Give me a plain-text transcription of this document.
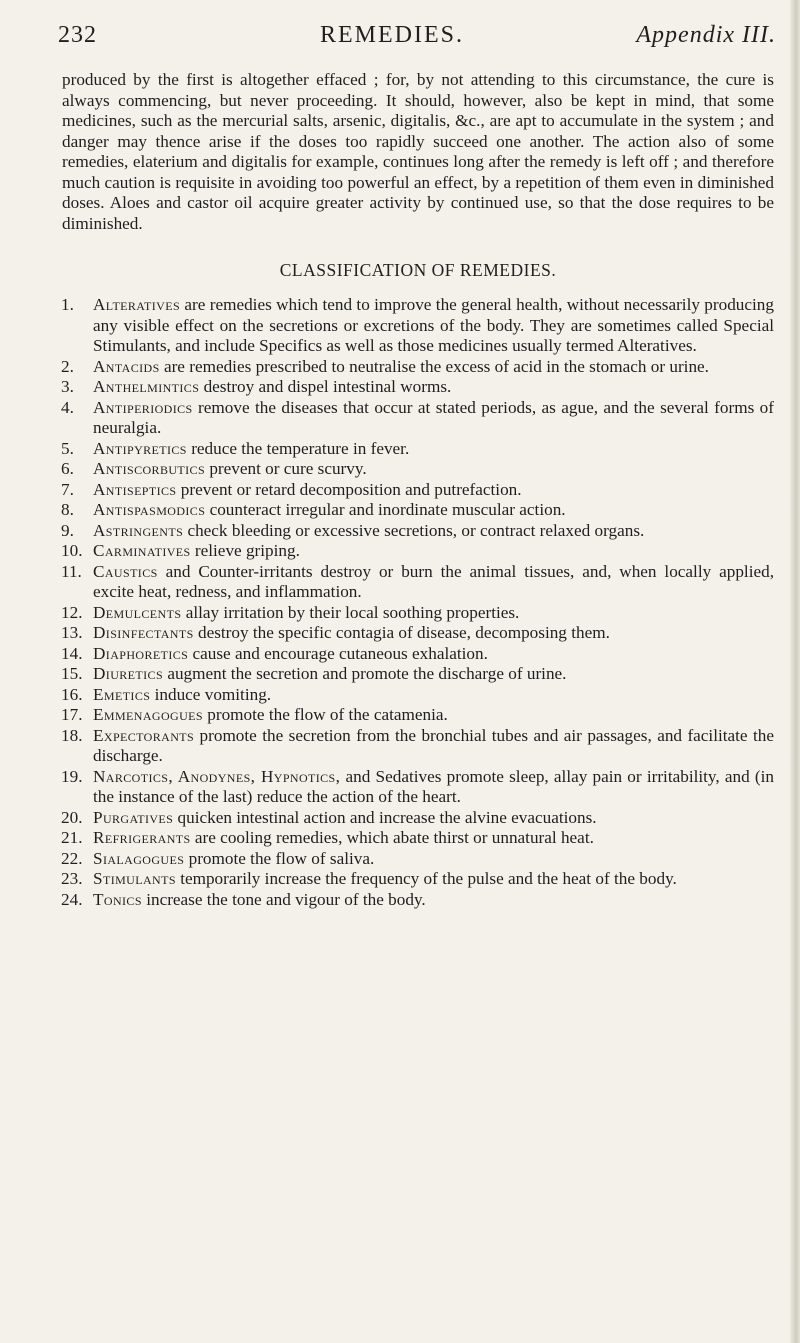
232	REMEDIES.	Appendix III.

produced by the first is altogether effaced ; for, by not attending to this circumstance, the cure is always commencing, but never proceeding. It should, however, also be kept in mind, that some medicines, such as the mercurial salts, arsenic, digitalis, &c., are apt to accumulate in the system ; and danger may thence arise if the doses too rapidly succeed one another. The action also of some remedies, elaterium and digitalis for example, continues long after the remedy is left off ; and therefore much caution is requisite in avoiding too powerful an effect, by a repetition of them even in diminished doses. Aloes and castor oil acquire greater activity by continued use, so that the dose requires to be diminished.

CLASSIFICATION OF REMEDIES.
1. Alteratives are remedies which tend to improve the general health, without necessarily producing any visible effect on the secretions or excretions of the body. They are sometimes called Special Stimulants, and include Specifics as well as those medicines usually termed Alteratives.
2. Antacids are remedies prescribed to neutralise the excess of acid in the stomach or urine.
3. Anthelmintics destroy and dispel intestinal worms.
4. Antiperiodics remove the diseases that occur at stated periods, as ague, and the several forms of neuralgia.
5. Antipyretics reduce the temperature in fever.
6. Antiscorbutics prevent or cure scurvy.
7. Antiseptics prevent or retard decomposition and putrefaction.
8. Antispasmodics counteract irregular and inordinate muscular action.
9. Astringents check bleeding or excessive secretions, or contract relaxed organs.
10. Carminatives relieve griping.
11. Caustics and Counter-irritants destroy or burn the animal tissues, and, when locally applied, excite heat, redness, and inflammation.
12. Demulcents allay irritation by their local soothing properties.
13. Disinfectants destroy the specific contagia of disease, decomposing them.
14. Diaphoretics cause and encourage cutaneous exhalation.
15. Diuretics augment the secretion and promote the discharge of urine.
16. Emetics induce vomiting.
17. Emmenagogues promote the flow of the catamenia.
18. Expectorants promote the secretion from the bronchial tubes and air passages, and facilitate the discharge.
19. Narcotics, Anodynes, Hypnotics, and Sedatives promote sleep, allay pain or irritability, and (in the instance of the last) reduce the action of the heart.
20. Purgatives quicken intestinal action and increase the alvine evacuations.
21. Refrigerants are cooling remedies, which abate thirst or unnatural heat.
22. Sialagogues promote the flow of saliva.
23. Stimulants temporarily increase the frequency of the pulse and the heat of the body.
24. Tonics increase the tone and vigour of the body.
